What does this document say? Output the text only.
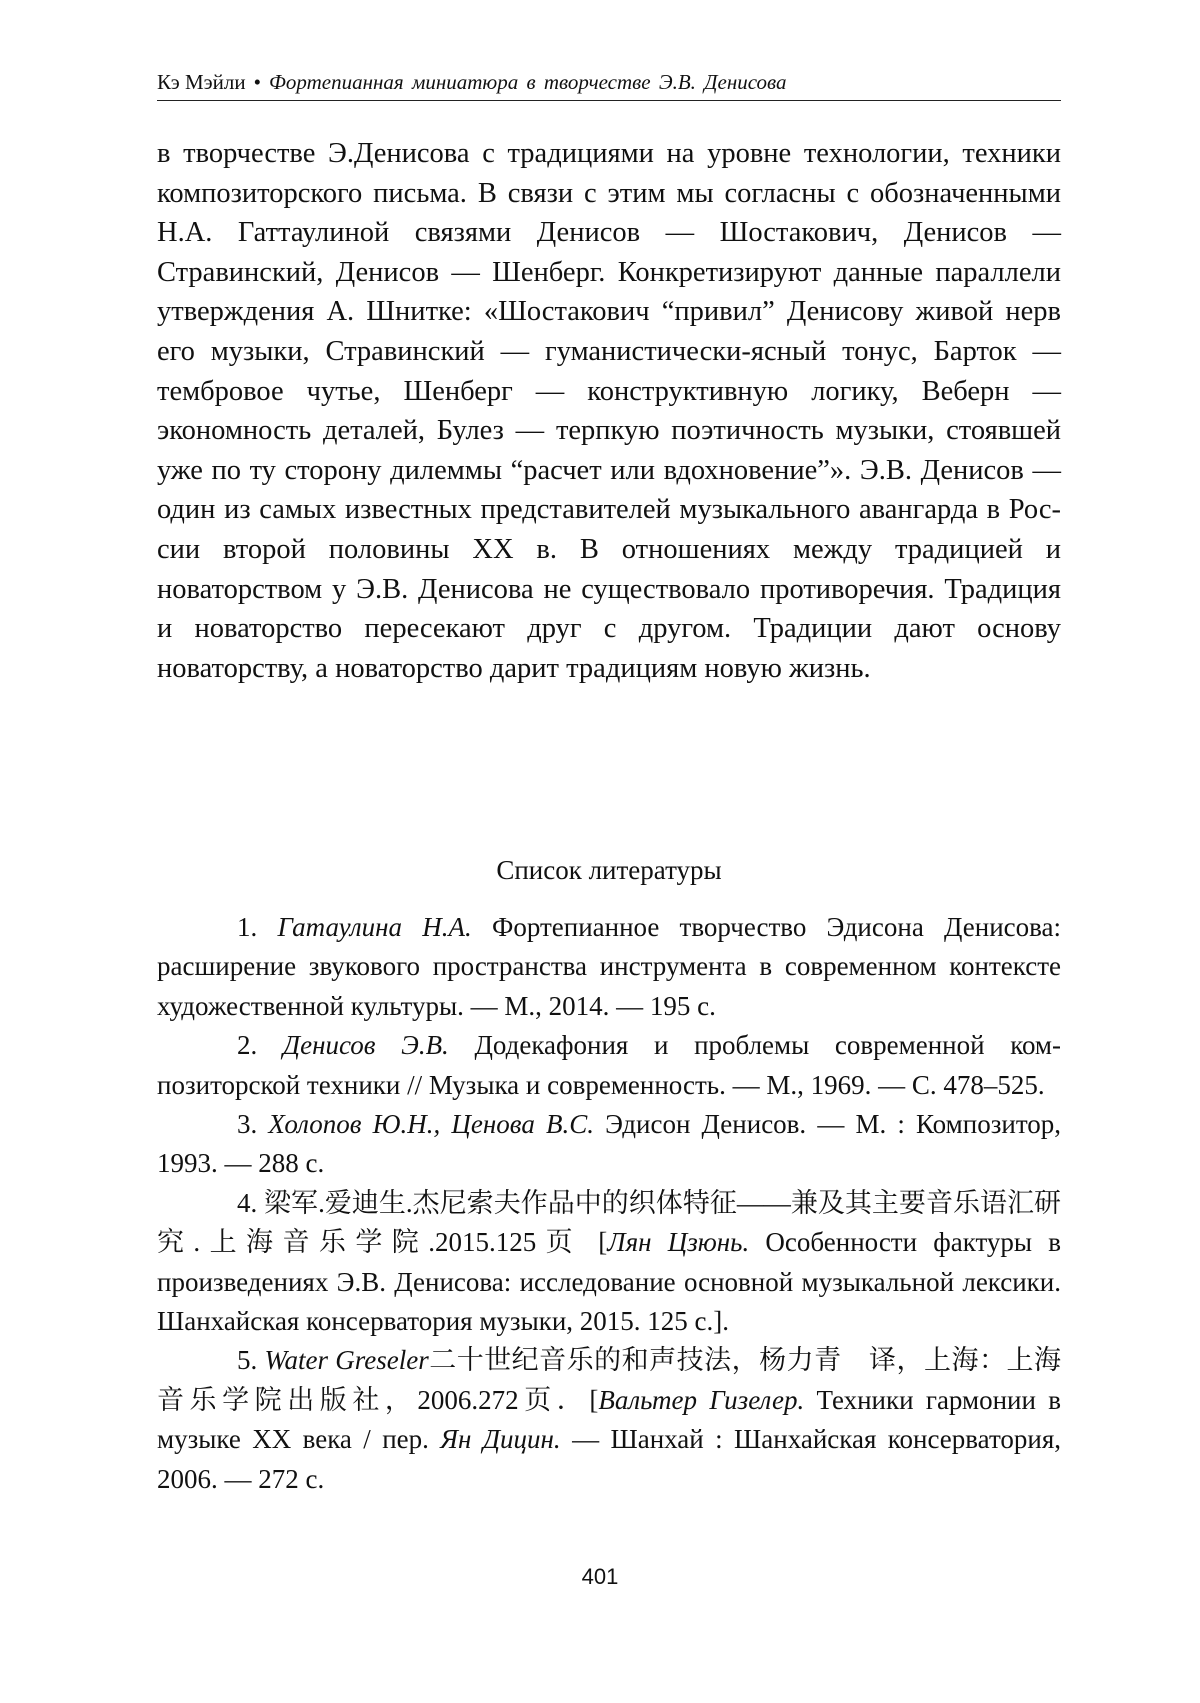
Кэ Мэйли • Фортепианная миниатюра в творчестве Э.В. Денисова

в творчестве Э.Денисова с традициями на уровне технологии, тех­ники композиторского письма. В связи с этим мы согласны с обо­значенными Н.А. Гаттаулиной связями Денисов — Шостакович, Денисов — Стравинский, Денисов — Шенберг. Конкретизируют данные параллели утверждения А. Шнитке: «Шостакович “при­вил” Денисову живой нерв его музыки, Стравинский — гумани­стически-ясный тонус, Барток — тембровое чутье, Шенберг — конструктивную логику, Веберн — экономность деталей, Булез — терпкую поэтичность музыки, стоявшей уже по ту сторону ди­леммы “расчет или вдохновение”». Э.В. Денисов — один из са­мых известных представителей музыкального авангарда в Рос­сии второй половины XX в. В отношениях между традицией и новаторством у Э.В. Денисова не существовало противоречия. Традиция и новаторство пересекают друг с другом. Традиции дают основу новаторству, а новаторство дарит традициям новую жизнь.

Список литературы
1. Гатаулина Н.А. Фортепианное творчество Эдисона Дени­сова: расширение звукового пространства инструмента в современ­ном контексте художественной культуры. — М., 2014. — 195 с.
2. Денисов Э.В. Додекафония и проблемы современной ком­позиторской техники // Музыка и современность. — М., 1969. — С. 478–525.
3. Холопов Ю.Н., Ценова В.С. Эдисон Денисов. — М. : Ком­позитор, 1993. — 288 с.
4. 梁军.爱迪生.杰尼索夫作品中的织体特征——兼及其主要音乐语汇研究.上海音乐学院.2015.125页 [Лян Цзюнь. Особенно­сти фактуры в произведениях Э.В. Денисова: исследование основ­ной музыкальной лексики. Шанхайская консерватория музыки, 2015. 125 с.].
5. Water Greseler二十世纪音乐的和声技法，杨力青　译，上海：上海音乐学院出版社，2006.272页．[Вальтер Гизелер. Тех­ники гармонии в музыке XX века / пер. Ян Дицин. — Шанхай : Шан­хайская консерватория, 2006. — 272 с.
401
